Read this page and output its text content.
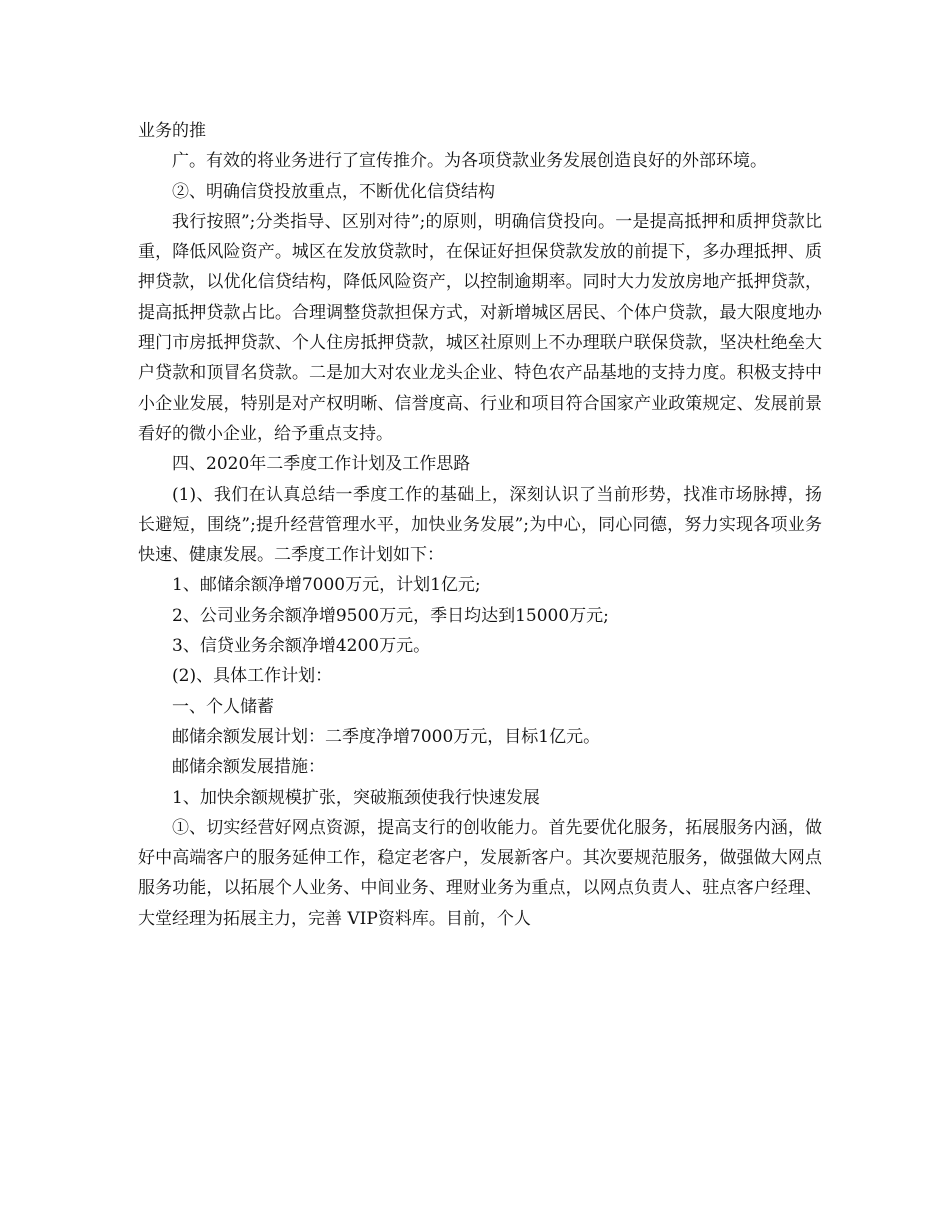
业务的推

广。有效的将业务进行了宣传推介。为各项贷款业务发展创造良好的外部环境。

②、明确信贷投放重点，不断优化信贷结构

我行按照”;分类指导、区别对待”;的原则，明确信贷投向。一是提高抵押和质押贷款比重，降低风险资产。城区在发放贷款时，在保证好担保贷款发放的前提下，多办理抵押、质押贷款，以优化信贷结构，降低风险资产，以控制逾期率。同时大力发放房地产抵押贷款，提高抵押贷款占比。合理调整贷款担保方式，对新增城区居民、个体户贷款，最大限度地办理门市房抵押贷款、个人住房抵押贷款，城区社原则上不办理联户联保贷款，坚决杜绝垒大户贷款和顶冒名贷款。二是加大对农业龙头企业、特色农产品基地的支持力度。积极支持中小企业发展，特别是对产权明晰、信誉度高、行业和项目符合国家产业政策规定、发展前景看好的微小企业，给予重点支持。

四、2020年二季度工作计划及工作思路

(1)、我们在认真总结一季度工作的基础上，深刻认识了当前形势，找准市场脉搏，扬长避短，围绕”;提升经营管理水平，加快业务发展”;为中心，同心同德，努力实现各项业务快速、健康发展。二季度工作计划如下：

1、邮储余额净增7000万元，计划1亿元;

2、公司业务余额净增9500万元，季日均达到15000万元;

3、信贷业务余额净增4200万元。

(2)、具体工作计划：

一、个人储蓄

邮储余额发展计划：二季度净增7000万元，目标1亿元。

邮储余额发展措施：

1、加快余额规模扩张，突破瓶颈使我行快速发展

①、切实经营好网点资源，提高支行的创收能力。首先要优化服务，拓展服务内涵，做好中高端客户的服务延伸工作，稳定老客户，发展新客户。其次要规范服务，做强做大网点服务功能，以拓展个人业务、中间业务、理财业务为重点，以网点负责人、驻点客户经理、大堂经理为拓展主力，完善 VIP资料库。目前，个人
